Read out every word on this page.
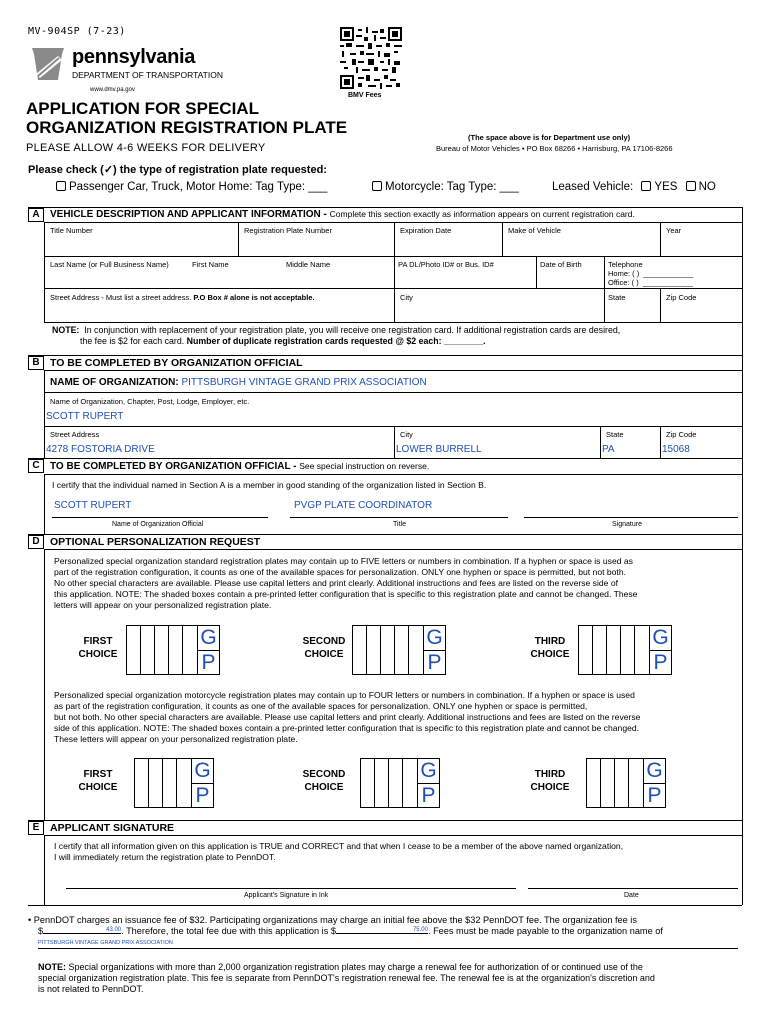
MV-904SP (7-23)
pennsylvania
DEPARTMENT OF TRANSPORTATION
www.dmv.pa.gov
BMV Fees
APPLICATION FOR SPECIAL
ORGANIZATION REGISTRATION PLATE
PLEASE ALLOW 4-6 WEEKS FOR DELIVERY
(The space above is for Department use only)
Bureau of Motor Vehicles • PO Box 68266 • Harrisburg, PA 17106-8266
Please check (✓) the type of registration plate requested:
Passenger Car, Truck, Motor Home: Tag Type: ___	Motorcycle: Tag Type: ___	Leased Vehicle: YES NO
A	VEHICLE DESCRIPTION AND APPLICANT INFORMATION - Complete this section exactly as information appears on current registration card.
Title Number	Registration Plate Number	Expiration Date	Make of Vehicle	Year
Last Name (or Full Business Name)	First Name	Middle Name	PA DL/Photo ID# or Bus. ID#	Date of Birth	Telephone
Home: ( ) ____________
Office: ( ) ____________
Street Address - Must list a street address. P.O Box # alone is not acceptable.	City	State	Zip Code
NOTE: In conjunction with replacement of your registration plate, you will receive one registration card. If additional registration cards are desired,
the fee is $2 for each card. Number of duplicate registration cards requested @ $2 each: ________.
B TO BE COMPLETED BY ORGANIZATION OFFICIAL
NAME OF ORGANIZATION: PITTSBURGH VINTAGE GRAND PRIX ASSOCIATION
Name of Organization, Chapter, Post, Lodge, Employer, etc.
SCOTT RUPERT
Street Address
4278 FOSTORIA DRIVE
City
LOWER BURRELL
State
PA
Zip Code
15068
C	TO BE COMPLETED BY ORGANIZATION OFFICIAL - See special instruction on reverse.
I certify that the individual named in Section A is a member in good standing of the organization listed in Section B.
SCOTT RUPERT	PVGP PLATE COORDINATOR
Name of Organization Official	Title	Signature
D OPTIONAL PERSONALIZATION REQUEST
Personalized special organization standard registration plates may contain up to FIVE letters or numbers in combination. If a hyphen or space is used as
part of the registration configuration, it counts as one of the available spaces for personalization. ONLY one hyphen or space is permitted, but not both.
No other special characters are available. Please use capital letters and print clearly. Additional instructions and fees are listed on the reverse side of
this application. NOTE: The shaded boxes contain a pre-printed letter configuration that is specific to this registration plate and cannot be changed. These
letters will appear on your personalized registration plate.
FIRST
CHOICE
G
P
SECOND
CHOICE
G
P
THIRD
CHOICE
G
P
Personalized special organization motorcycle registration plates may contain up to FOUR letters or numbers in combination. If a hyphen or space is used
as part of the registration configuration, it counts as one of the available spaces for personalization. ONLY one hyphen or space is permitted,
but not both. No other special characters are available. Please use capital letters and print clearly. Additional instructions and fees are listed on the reverse
side of this application. NOTE: The shaded boxes contain a pre-printed letter configuration that is specific to this registration plate and cannot be changed.
These letters will appear on your personalized registration plate.
FIRST
CHOICE
G
P
SECOND
CHOICE
G
P
THIRD
CHOICE
G
P
E	APPLICANT SIGNATURE
I certify that all information given on this application is TRUE and CORRECT and that when I cease to be a member of the above named organization,
I will immediately return the registration plate to PennDOT.
Applicant's Signature in Ink	Date
• PennDOT charges an issuance fee of $32. Participating organizations may charge an initial fee above the $32 PennDOT fee. The organization fee is
$	43.00. Therefore, the total fee due with this application is $	75.00. Fees must be made payable to the organization name of
$^{PITTSBURGH VINTAGE GRAND PRIX ASSOCIATION}$
NOTE: Special organizations with more than 2,000 organization registration plates may charge a renewal fee for authorization of or continued use of the
special organization registration plate. This fee is separate from PennDOT's registration renewal fee. The renewal fee is at the organization's discretion and
is not related to PennDOT.
